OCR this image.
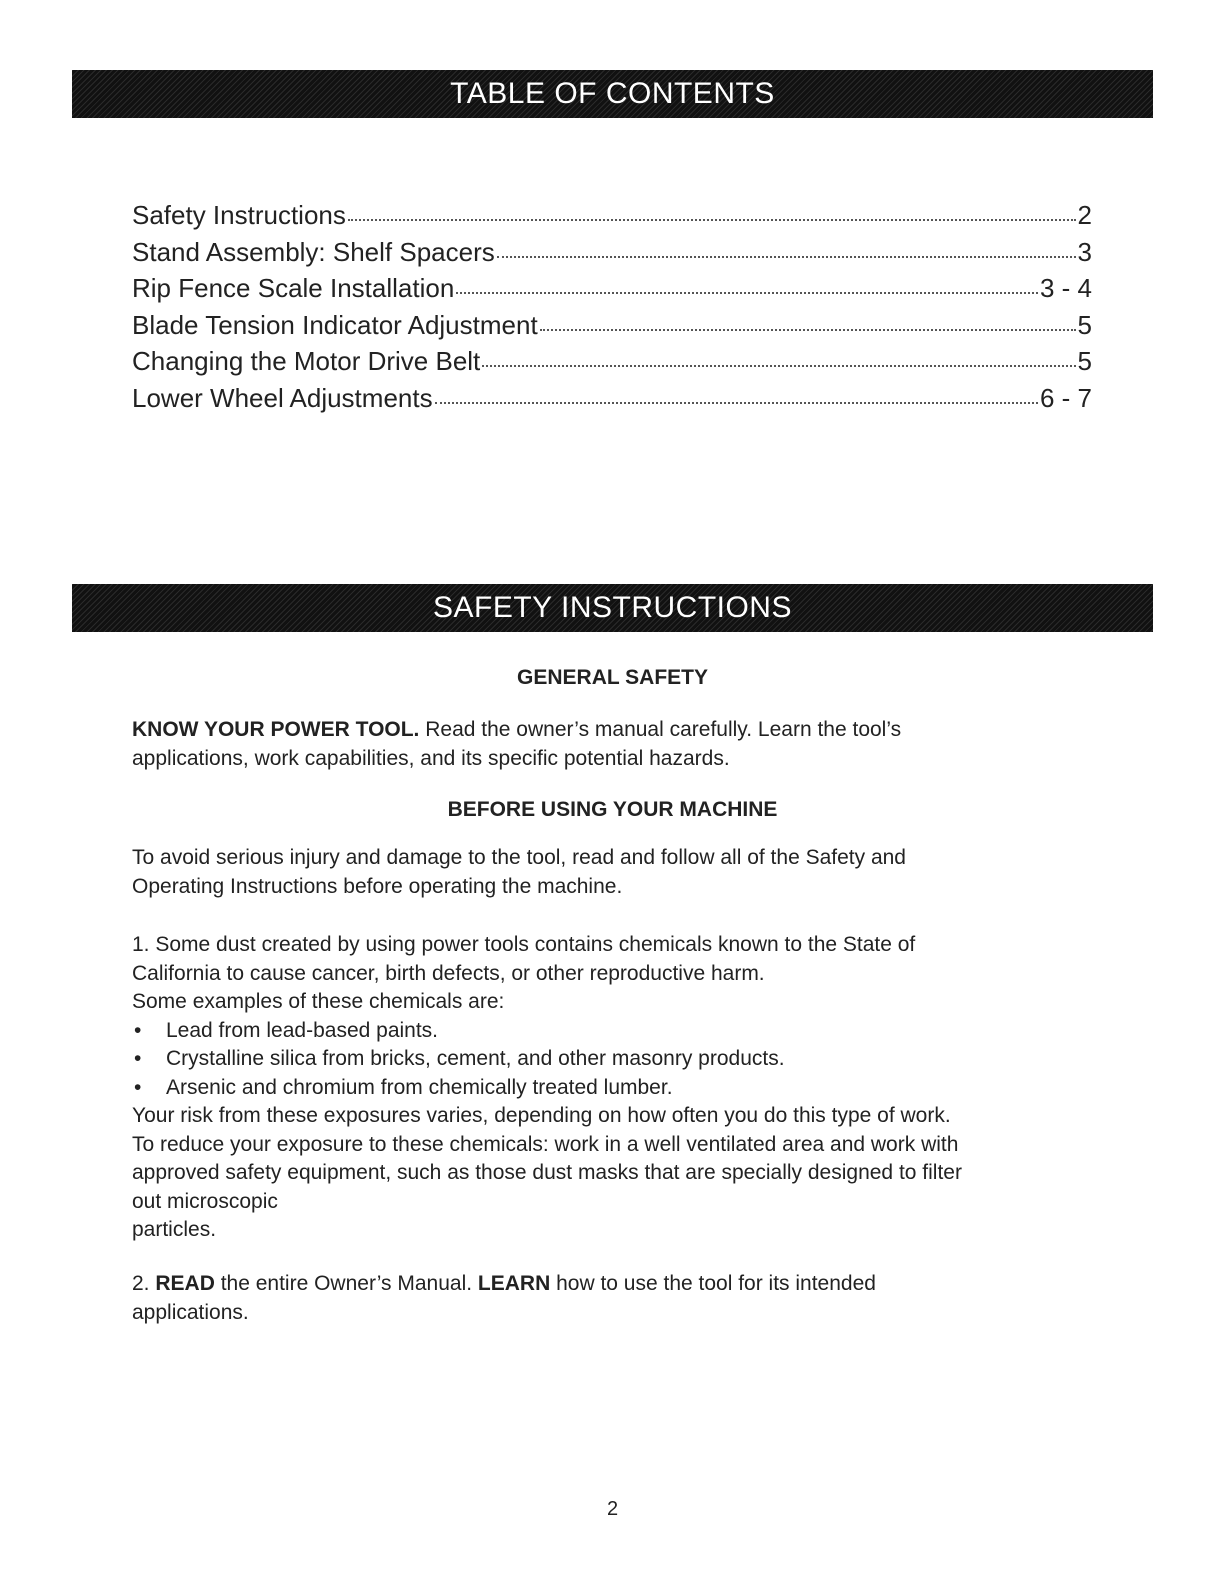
TABLE OF CONTENTS
Safety Instructions	2
Stand Assembly: Shelf Spacers	3
Rip Fence Scale Installation	3 - 4
Blade Tension Indicator Adjustment	5
Changing the Motor Drive Belt	5
Lower Wheel Adjustments	6 - 7
SAFETY INSTRUCTIONS
GENERAL SAFETY

KNOW YOUR POWER TOOL. Read the owner’s manual carefully. Learn the tool’s
applications, work capabilities, and its specific potential hazards.

BEFORE USING YOUR MACHINE

To avoid serious injury and damage to the tool, read and follow all of the Safety and
Operating Instructions before operating the machine.

1. Some dust created by using power tools contains chemicals known to the State of
California to cause cancer, birth defects, or other reproductive harm.
Some examples of these chemicals are:
• Lead from lead-based paints.
• Crystalline silica from bricks, cement, and other masonry products.
• Arsenic and chromium from chemically treated lumber.
Your risk from these exposures varies, depending on how often you do this type of work.
To reduce your exposure to these chemicals: work in a well ventilated area and work with
approved safety equipment, such as those dust masks that are specially designed to filter
out microscopic
particles.
2. READ the entire Owner’s Manual. LEARN how to use the tool for its intended
applications.
2
